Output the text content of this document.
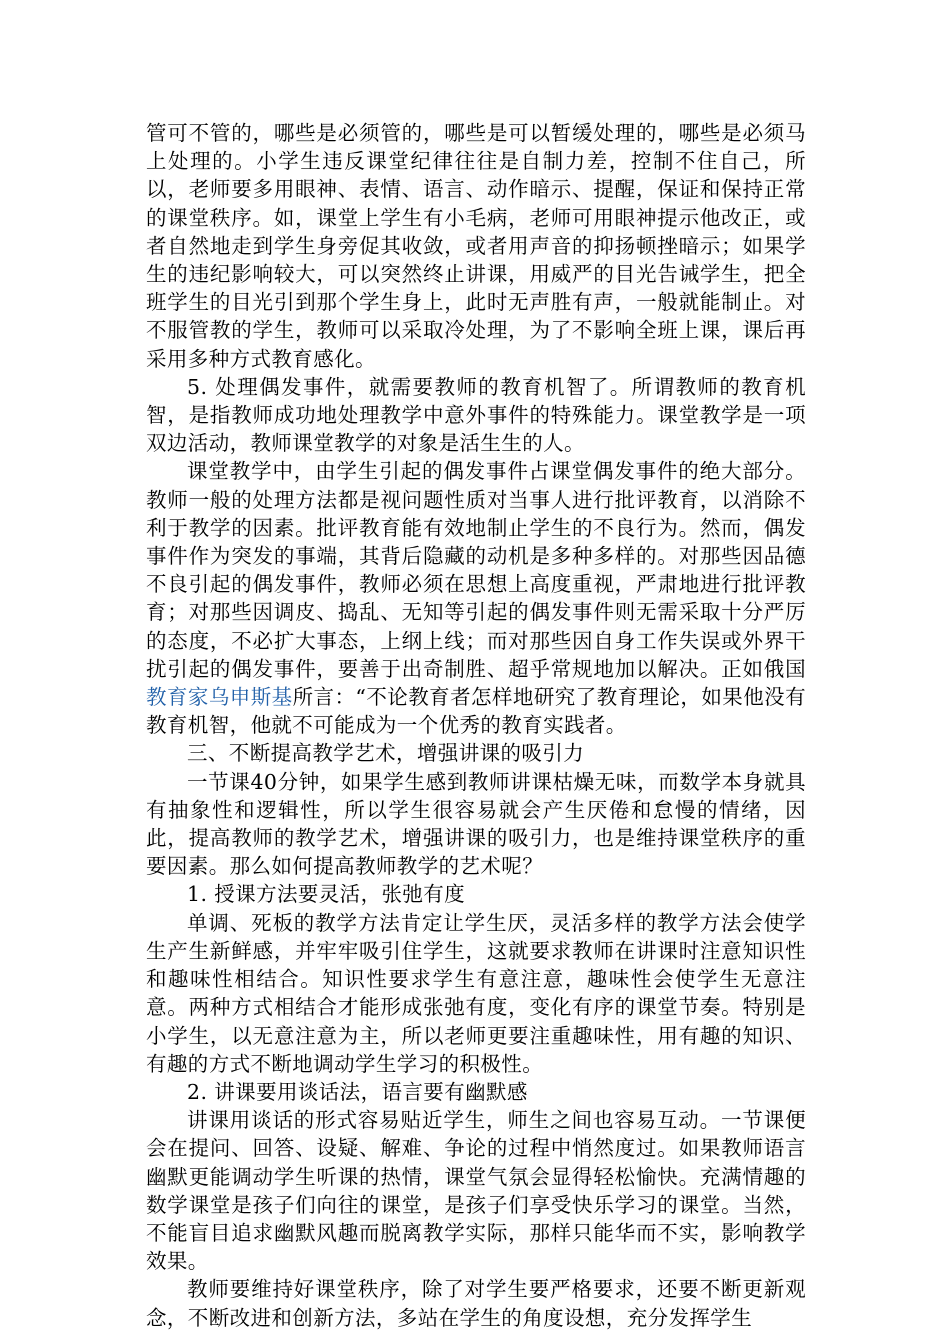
管可不管的，哪些是必须管的，哪些是可以暂缓处理的，哪些是必须马上处理的。小学生违反课堂纪律往往是自制力差，控制不住自己，所以，老师要多用眼神、表情、语言、动作暗示、提醒，保证和保持正常的课堂秩序。如，课堂上学生有小毛病，老师可用眼神提示他改正，或者自然地走到学生身旁促其收敛，或者用声音的抑扬顿挫暗示；如果学生的违纪影响较大，可以突然终止讲课，用威严的目光告诫学生，把全班学生的目光引到那个学生身上，此时无声胜有声，一般就能制止。对不服管教的学生，教师可以采取冷处理，为了不影响全班上课，课后再采用多种方式教育感化。

5. 处理偶发事件，就需要教师的教育机智了。所谓教师的教育机智，是指教师成功地处理教学中意外事件的特殊能力。课堂教学是一项双边活动，教师课堂教学的对象是活生生的人。

课堂教学中，由学生引起的偶发事件占课堂偶发事件的绝大部分。教师一般的处理方法都是视问题性质对当事人进行批评教育，以消除不利于教学的因素。批评教育能有效地制止学生的不良行为。然而，偶发事件作为突发的事端，其背后隐藏的动机是多种多样的。对那些因品德不良引起的偶发事件，教师必须在思想上高度重视，严肃地进行批评教育；对那些因调皮、捣乱、无知等引起的偶发事件则无需采取十分严厉的态度，不必扩大事态，上纲上线；而对那些因自身工作失误或外界干扰引起的偶发事件，要善于出奇制胜、超乎常规地加以解决。正如俄国教育家乌申斯基所言：“不论教育者怎样地研究了教育理论，如果他没有教育机智，他就不可能成为一个优秀的教育实践者。

三、不断提高教学艺术，增强讲课的吸引力

一节课40分钟，如果学生感到教师讲课枯燥无味，而数学本身就具有抽象性和逻辑性，所以学生很容易就会产生厌倦和怠慢的情绪，因此，提高教师的教学艺术，增强讲课的吸引力，也是维持课堂秩序的重要因素。那么如何提高教师教学的艺术呢？

1. 授课方法要灵活，张弛有度

单调、死板的教学方法肯定让学生厌，灵活多样的教学方法会使学生产生新鲜感，并牢牢吸引住学生，这就要求教师在讲课时注意知识性和趣味性相结合。知识性要求学生有意注意，趣味性会使学生无意注意。两种方式相结合才能形成张弛有度，变化有序的课堂节奏。特别是小学生，以无意注意为主，所以老师更要注重趣味性，用有趣的知识、有趣的方式不断地调动学生学习的积极性。

2. 讲课要用谈话法，语言要有幽默感

讲课用谈话的形式容易贴近学生，师生之间也容易互动。一节课便会在提问、回答、设疑、解难、争论的过程中悄然度过。如果教师语言幽默更能调动学生听课的热情，课堂气氛会显得轻松愉快。充满情趣的数学课堂是孩子们向往的课堂，是孩子们享受快乐学习的课堂。当然，不能盲目追求幽默风趣而脱离教学实际，那样只能华而不实，影响教学效果。

教师要维持好课堂秩序，除了对学生要严格要求，还要不断更新观念，不断改进和创新方法，多站在学生的角度设想，充分发挥学生
